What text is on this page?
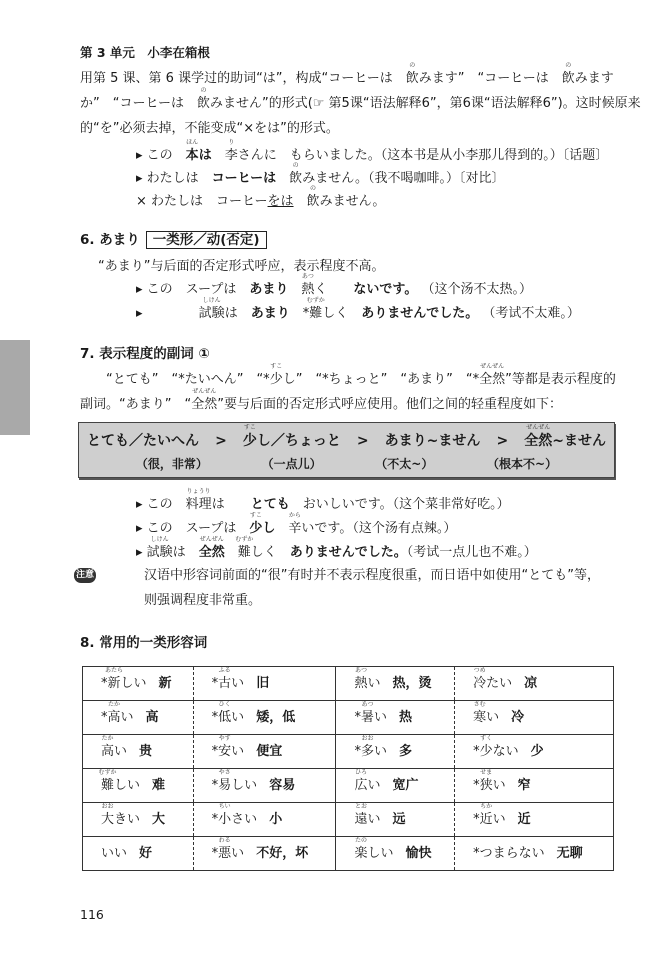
第 3 单元　小李在箱根
用第 5 课、第 6 课学过的助词“は”，构成“コーヒーは　飲
の
みます”　“コーヒーは　飲
の
みます
か”　“コーヒーは　飲
の
みません”的形式(☞ 第5课“语法解释6”，第6课“语法解释6”)。这时候原来
的“を”必须去掉，不能变成“×をは”的形式。
▸ この　本
ほん
は　 李
り
さんに　もらいました。（这本书是从小李那儿得到的。）〔话题〕
▸ わたしは　コーヒーは　 飲
の
みません。（我不喝咖啡。）〔对比〕
× わたしは　コーヒーをは　 飲
の
みません。
6. あまり 一类形／动(否定)
“あまり”与后面的否定形式呼应，表示程度不高。
▸ この　スープは　あまり　 熱
あつ
く　　ないです。 （这个汤不太热。）
▸ 　　　　試験
しけん
は　あまり　*難
むずか
しく　ありませんでした。 （考试不太难。）
7. 表示程度的副词 ①
　　“とても”　“*たいへん”　“*少
すこ
し”　“*ちょっと”　“あまり”　“*全然
ぜんぜん
”等都是表示程度的
副词。“あまり”　“全然
ぜんぜん
”要与后面的否定形式呼应使用。他们之间的轻重程度如下：
とても／たいへん > 少
すこ
し／ちょっと > あまり~ません > 全然
ぜんぜん
~ません
（很，非常）	（一点儿）	（不太~）	（根本不~）
▸ この　料理
りょうり
は　　とても　おいしいです。（这个菜非常好吃。）
▸ この　スープは　少
すこ
し　 辛
から
いです。（这个汤有点辣。）
▸ 試験
しけん
は　全然
ぜんぜん
　難
むずか
しく　ありませんでした。（考试一点儿也不难。）
注意	汉语中形容词前面的“很”有时并不表示程度很重，而日语中如使用“とても”等，
则强调程度非常重。
8. 常用的一类形容词
*新
あたら
しい 新	*古
ふる
い 旧	熱
あつ
い 热，烫	冷
つめ
たい 凉
*高
たか
い 高	*低
ひく
い 矮，低	*暑
あつ
い 热	寒
さむ
い 冷
高
たか
い 贵	*安
やす
い 便宜	*多
おお
い 多	*少
すく
ない 少
難
むずか
しい 难	*易
やさ
しい 容易	広
ひろ
い 宽广	*狭
せま
い 窄
大
おお
きい 大	*小
ちい
さい 小	遠
とお
い 远	*近
ちか
い 近
いい 好	*悪
わる
い 不好，坏	楽
たの
しい 愉快	*つまらない 无聊
116
